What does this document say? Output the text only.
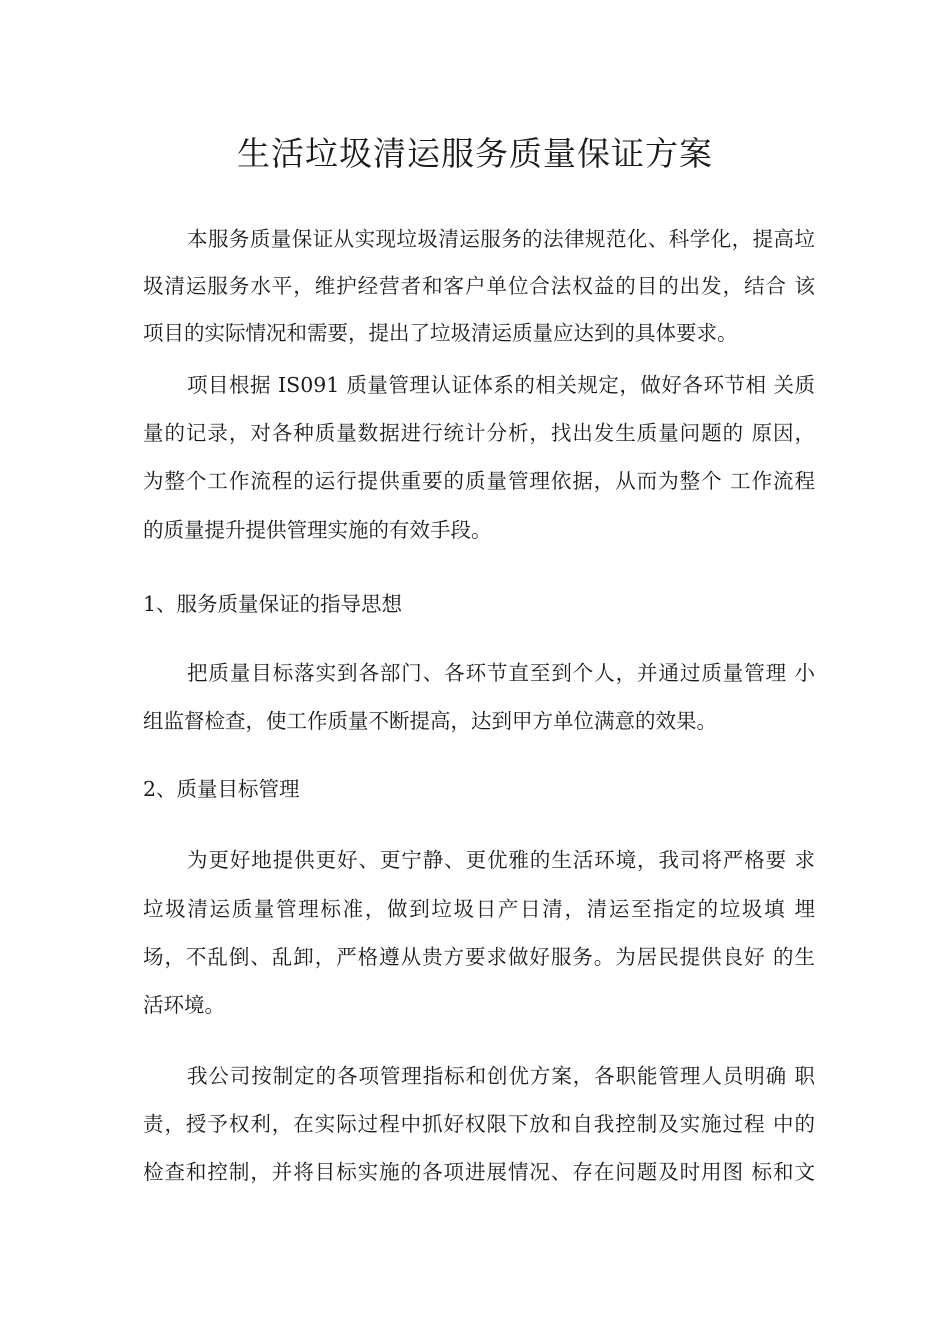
生活垃圾清运服务质量保证方案

本服务质量保证从实现垃圾清运服务的法律规范化、科学化，提高垃

圾清运服务水平，维护经营者和客户单位合法权益的目的出发，结合 该

项目的实际情况和需要，提出了垃圾清运质量应达到的具体要求。

项目根据 IS091 质量管理认证体系的相关规定，做好各环节相 关质

量的记录，对各种质量数据进行统计分析，找出发生质量问题的 原因，

为整个工作流程的运行提供重要的质量管理依据，从而为整个 工作流程

的质量提升提供管理实施的有效手段。

1、服务质量保证的指导思想

把质量目标落实到各部门、各环节直至到个人，并通过质量管理 小

组监督检查，使工作质量不断提高，达到甲方单位满意的效果。

2、质量目标管理

为更好地提供更好、更宁静、更优雅的生活环境，我司将严格要 求

垃圾清运质量管理标准，做到垃圾日产日清，清运至指定的垃圾填 埋

场，不乱倒、乱卸，严格遵从贵方要求做好服务。为居民提供良好 的生

活环境。

我公司按制定的各项管理指标和创优方案，各职能管理人员明确 职

责，授予权利，在实际过程中抓好权限下放和自我控制及实施过程 中的

检查和控制，并将目标实施的各项进展情况、存在问题及时用图 标和文
